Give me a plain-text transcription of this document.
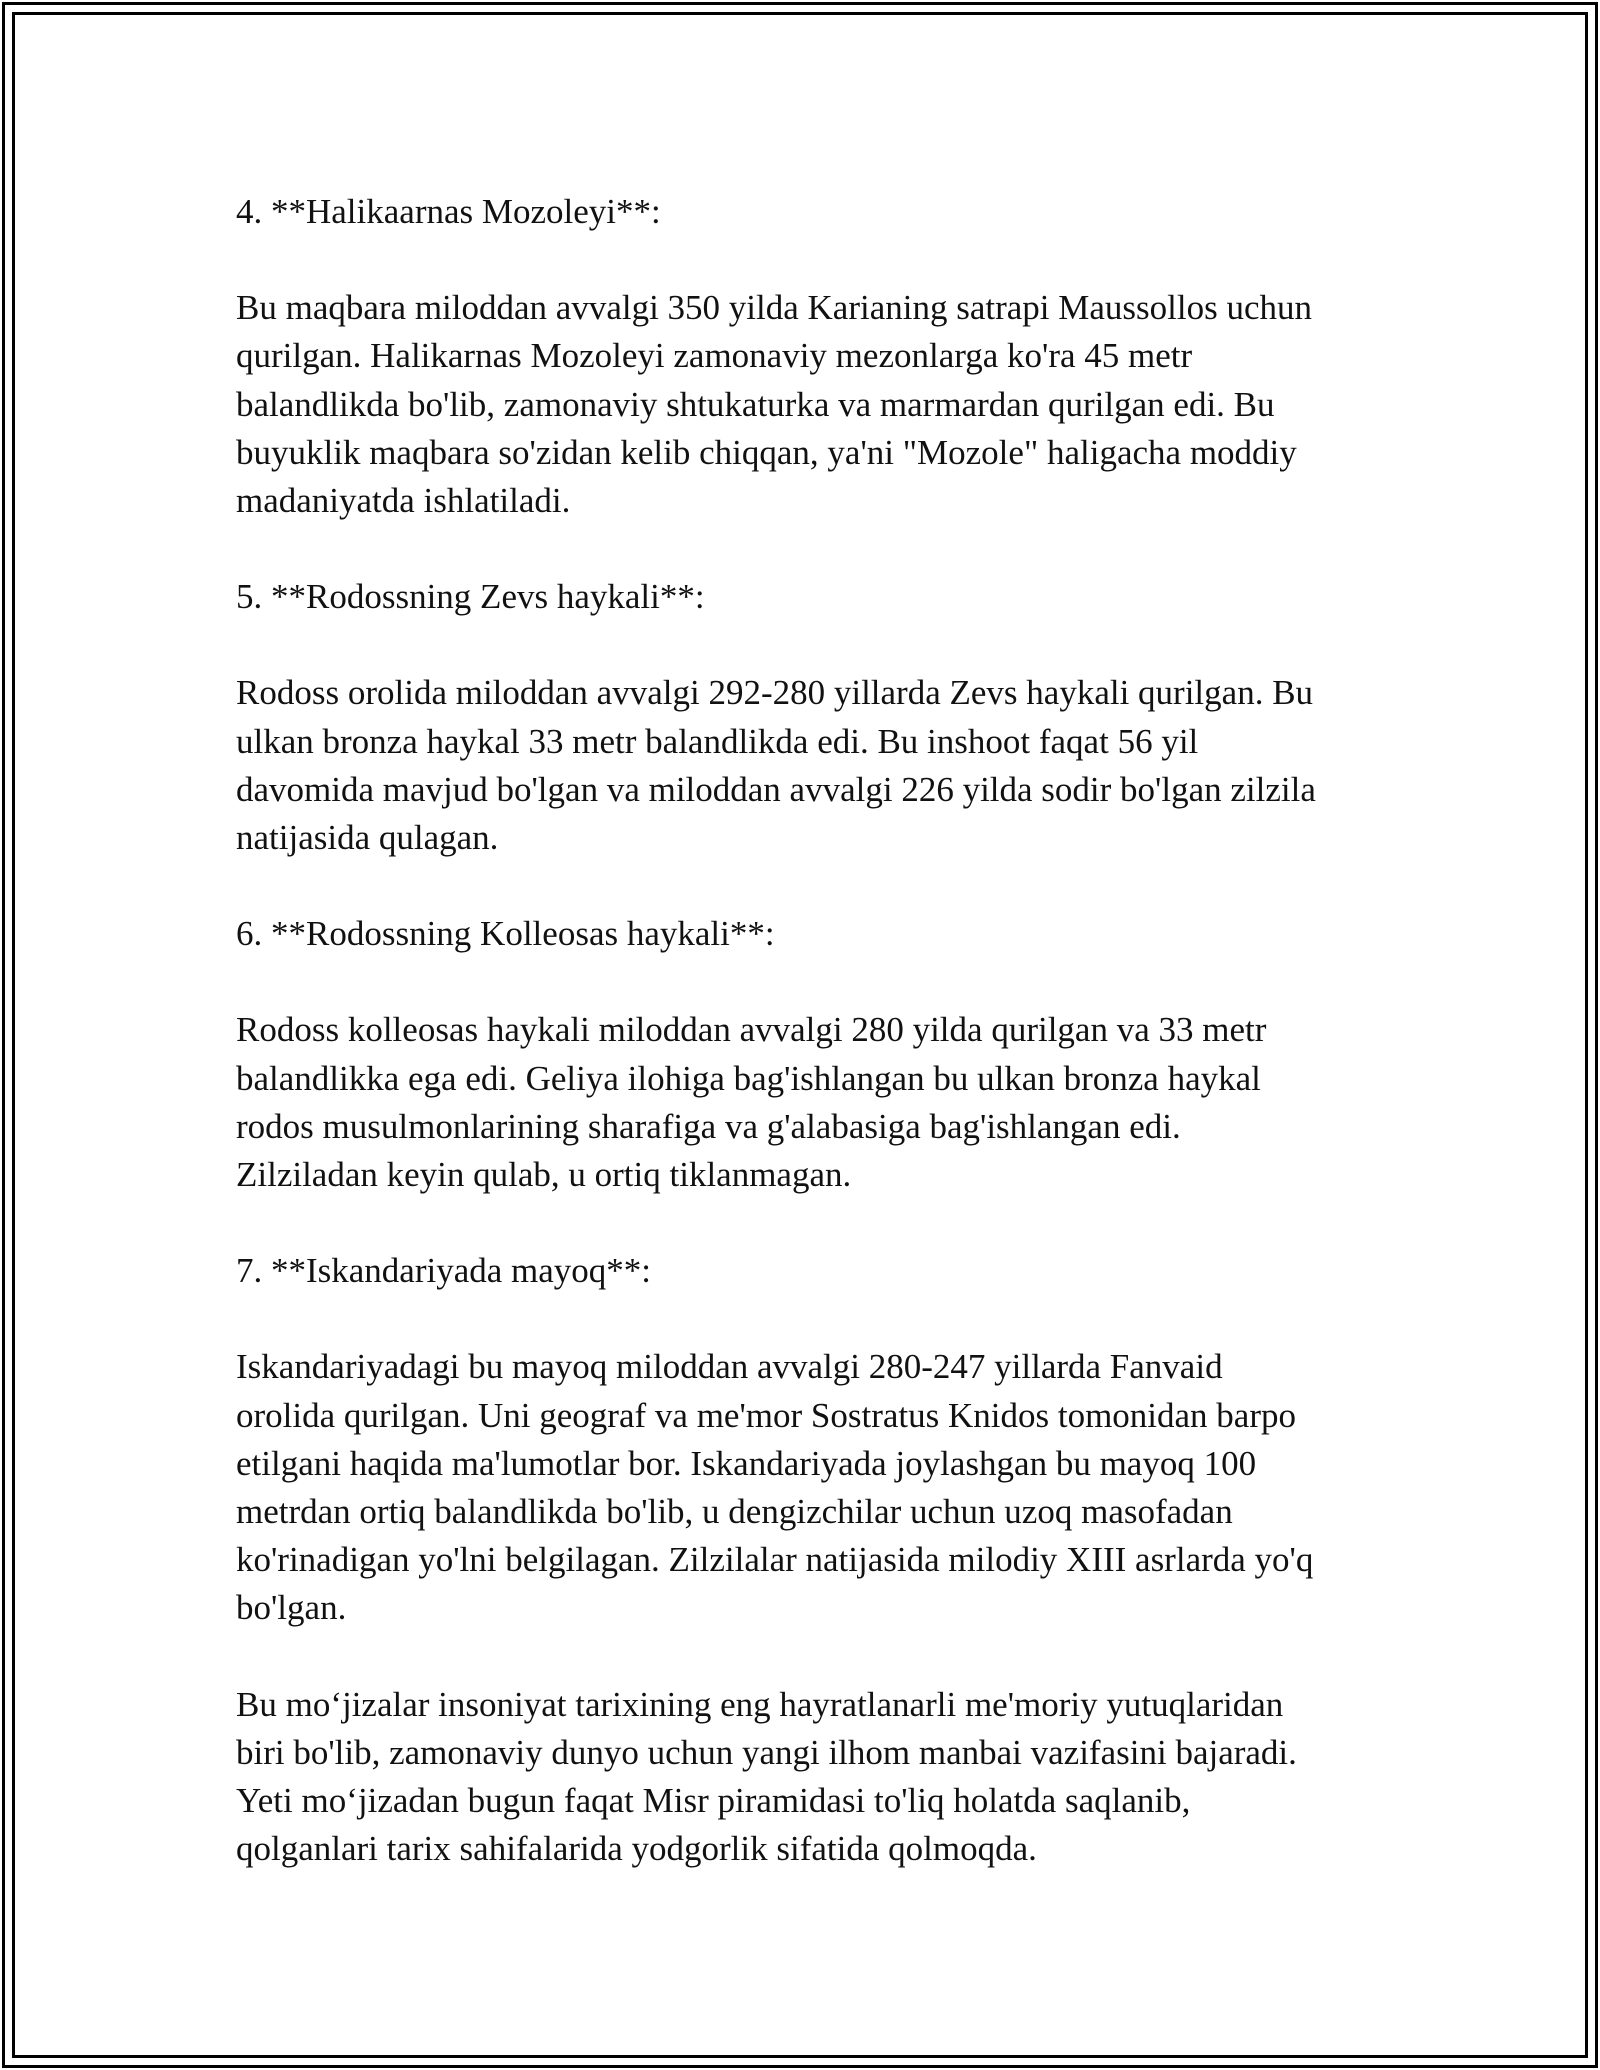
4. **Halikaarnas Mozoleyi**:
Bu maqbara miloddan avvalgi 350 yilda Karianing satrapi Maussollos uchun
qurilgan. Halikarnas Mozoleyi zamonaviy mezonlarga ko'ra 45 metr
balandlikda bo'lib, zamonaviy shtukaturka va marmardan qurilgan edi. Bu
buyuklik maqbara so'zidan kelib chiqqan, ya'ni "Mozole" haligacha moddiy
madaniyatda ishlatiladi.
5. **Rodossning Zevs haykali**:
Rodoss orolida miloddan avvalgi 292-280 yillarda Zevs haykali qurilgan. Bu
ulkan bronza haykal 33 metr balandlikda edi. Bu inshoot faqat 56 yil
davomida mavjud bo'lgan va miloddan avvalgi 226 yilda sodir bo'lgan zilzila
natijasida qulagan.
6. **Rodossning Kolleosas haykali**:
Rodoss kolleosas haykali miloddan avvalgi 280 yilda qurilgan va 33 metr
balandlikka ega edi. Geliya ilohiga bag'ishlangan bu ulkan bronza haykal
rodos musulmonlarining sharafiga va g'alabasiga bag'ishlangan edi.
Zilziladan keyin qulab, u ortiq tiklanmagan.
7. **Iskandariyada mayoq**:
Iskandariyadagi bu mayoq miloddan avvalgi 280-247 yillarda Fanvaid
orolida qurilgan. Uni geograf va me'mor Sostratus Knidos tomonidan barpo
etilgani haqida ma'lumotlar bor. Iskandariyada joylashgan bu mayoq 100
metrdan ortiq balandlikda bo'lib, u dengizchilar uchun uzoq masofadan
ko'rinadigan yo'lni belgilagan. Zilzilalar natijasida milodiy XIII asrlarda yo'q
bo'lgan.
Bu mo‘jizalar insoniyat tarixining eng hayratlanarli me'moriy yutuqlaridan
biri bo'lib, zamonaviy dunyo uchun yangi ilhom manbai vazifasini bajaradi.
Yeti mo‘jizadan bugun faqat Misr piramidasi to'liq holatda saqlanib,
qolganlari tarix sahifalarida yodgorlik sifatida qolmoqda.
